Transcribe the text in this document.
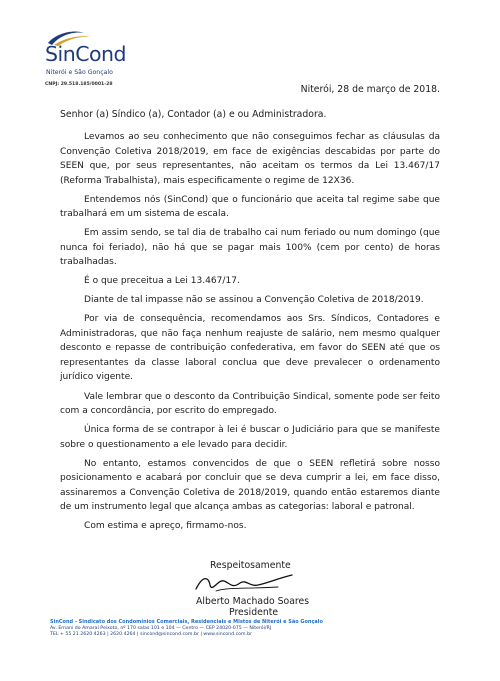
SinCond
Niterói e São Gonçalo
CNPJ: 29.518.185/0001-28	Niterói, 28 de março de 2018.
Senhor (a) Síndico (a), Contador (a) e ou Administradora.

Levamos ao seu conhecimento que não conseguimos fechar as cláusulas da Convenção Coletiva 2018/2019, em face de exigências descabidas por parte do SEEN que, por seus representantes, não aceitam os termos da Lei 13.467/17 (Reforma Trabalhista), mais especificamente o regime de 12X36.

Entendemos nós (SinCond) que o funcionário que aceita tal regime sabe que trabalhará em um sistema de escala.

Em assim sendo, se tal dia de trabalho cai num feriado ou num domingo (que nunca foi feriado), não há que se pagar mais 100% (cem por cento) de horas trabalhadas.

É o que preceitua a Lei 13.467/17.

Diante de tal impasse não se assinou a Convenção Coletiva de 2018/2019.

Por via de consequência, recomendamos aos Srs. Síndicos, Contadores e Administradoras, que não faça nenhum reajuste de salário, nem mesmo qualquer desconto e repasse de contribuição confederativa, em favor do SEEN até que os representantes da classe laboral conclua que deve prevalecer o ordenamento jurídico vigente.

Vale lembrar que o desconto da Contribuição Sindical, somente pode ser feito com a concordância, por escrito do empregado.

Única forma de se contrapor à lei é buscar o Judiciário para que se manifeste sobre o questionamento a ele levado para decidir.

No entanto, estamos convencidos de que o SEEN refletirá sobre nosso posicionamento e acabará por concluir que se deva cumprir a lei, em face disso, assinaremos a Convenção Coletiva de 2018/2019, quando então estaremos diante de um instrumento legal que alcança ambas as categorias: laboral e patronal.

Com estima e apreço, firmamo-nos.

Respeitosamente
Alberto Machado Soares
Presidente
SinCond - Sindicato dos Condomínios Comerciais, Residenciais e Mistos de Niterói e São Gonçalo
Av. Ernani do Amaral Peixoto, nº 170 salas 101 e 104 — Centro — CEP 24020-075 — Niterói/RJ
TEL + 55 21 2620 4263 | 2620 4264 | sincond@sincond.com.br | www.sincond.com.br
